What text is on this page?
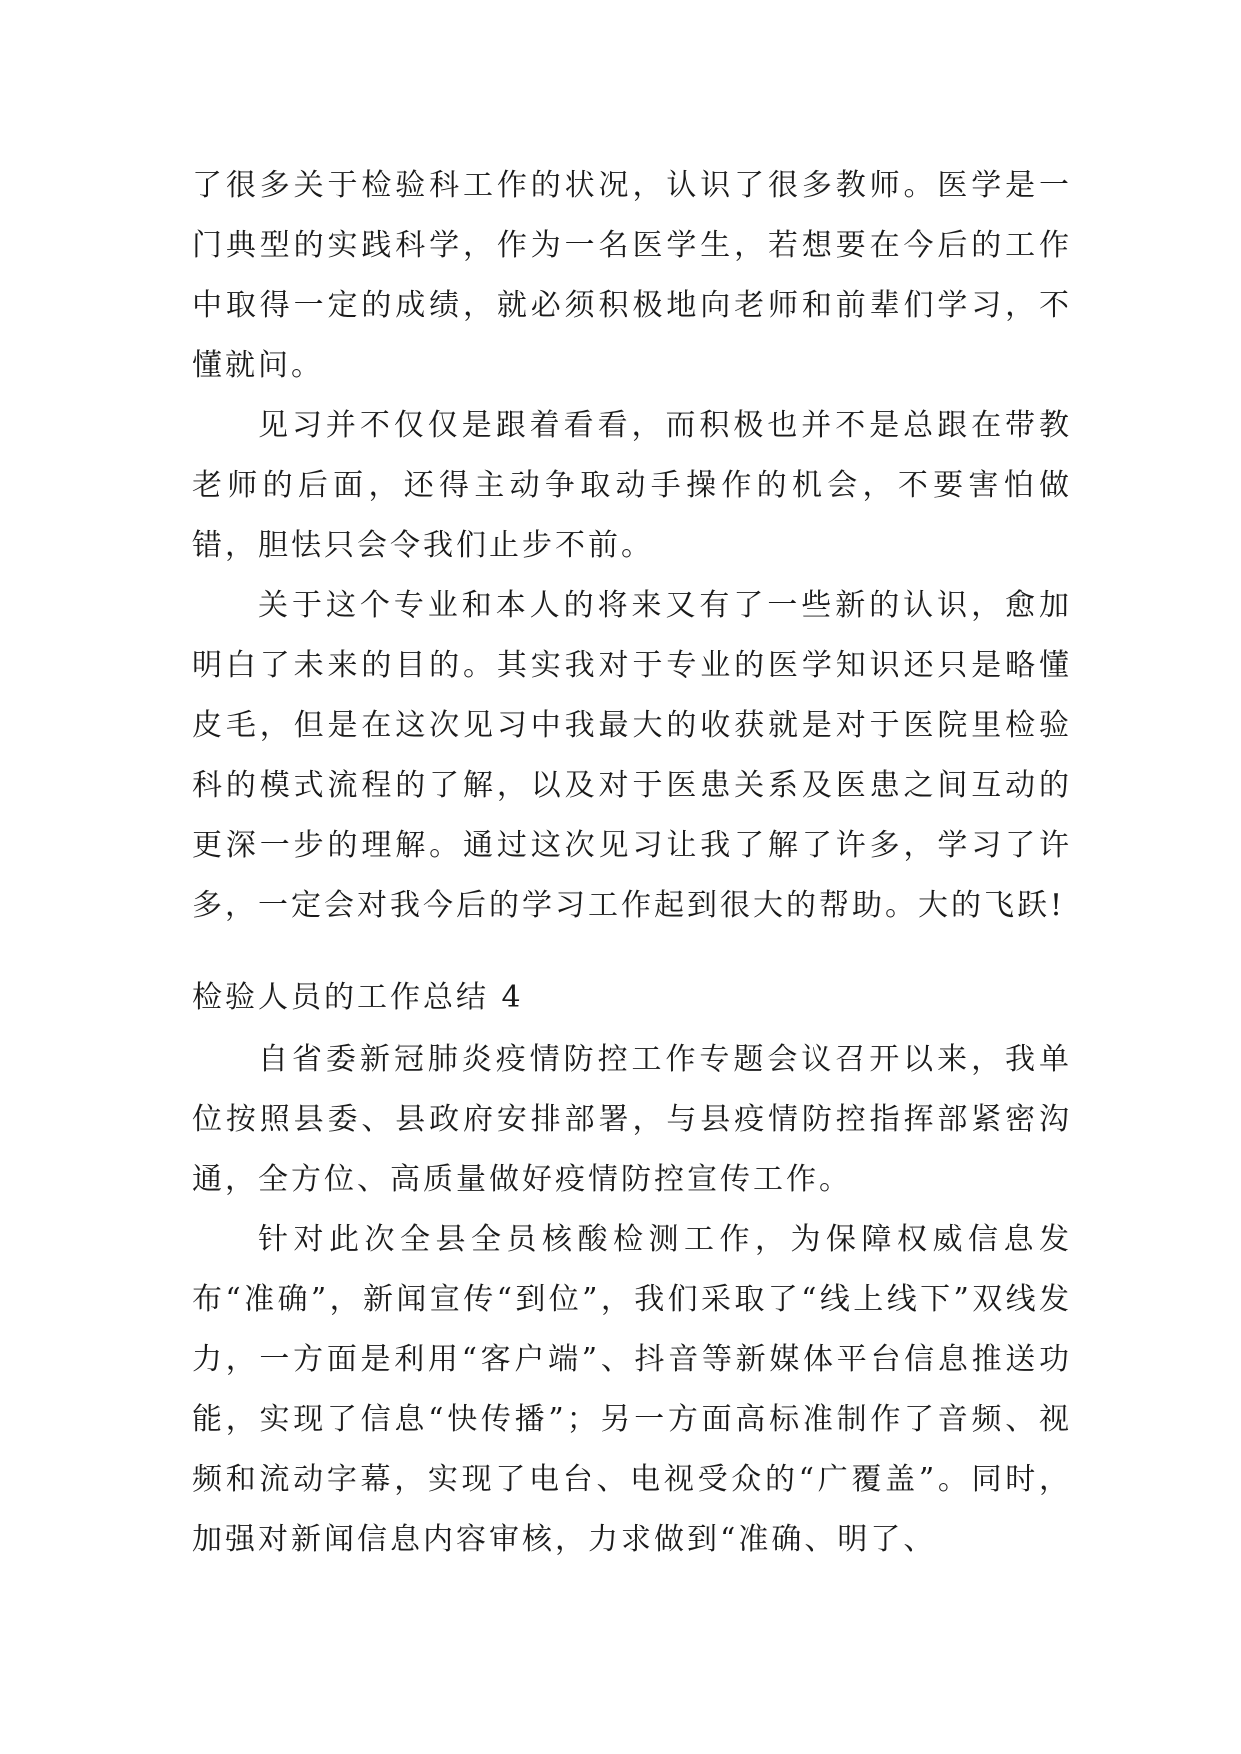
了很多关于检验科工作的状况，认识了很多教师。医学是一门典型的实践科学，作为一名医学生，若想要在今后的工作中取得一定的成绩，就必须积极地向老师和前辈们学习，不懂就问。

见习并不仅仅是跟着看看，而积极也并不是总跟在带教老师的后面，还得主动争取动手操作的机会，不要害怕做错，胆怯只会令我们止步不前。

关于这个专业和本人的将来又有了一些新的认识，愈加明白了未来的目的。其实我对于专业的医学知识还只是略懂皮毛，但是在这次见习中我最大的收获就是对于医院里检验科的模式流程的了解，以及对于医患关系及医患之间互动的更深一步的理解。通过这次见习让我了解了许多，学习了许多，一定会对我今后的学习工作起到很大的帮助。大的飞跃!

检验人员的工作总结 4

自省委新冠肺炎疫情防控工作专题会议召开以来，我单位按照县委、县政府安排部署，与县疫情防控指挥部紧密沟通，全方位、高质量做好疫情防控宣传工作。

针对此次全县全员核酸检测工作，为保障权威信息发布“准确”，新闻宣传“到位”，我们采取了“线上线下”双线发力，一方面是利用“客户端”、抖音等新媒体平台信息推送功能，实现了信息“快传播”；另一方面高标准制作了音频、视频和流动字幕，实现了电台、电视受众的“广覆盖”。同时，加强对新闻信息内容审核，力求做到“准确、明了、
